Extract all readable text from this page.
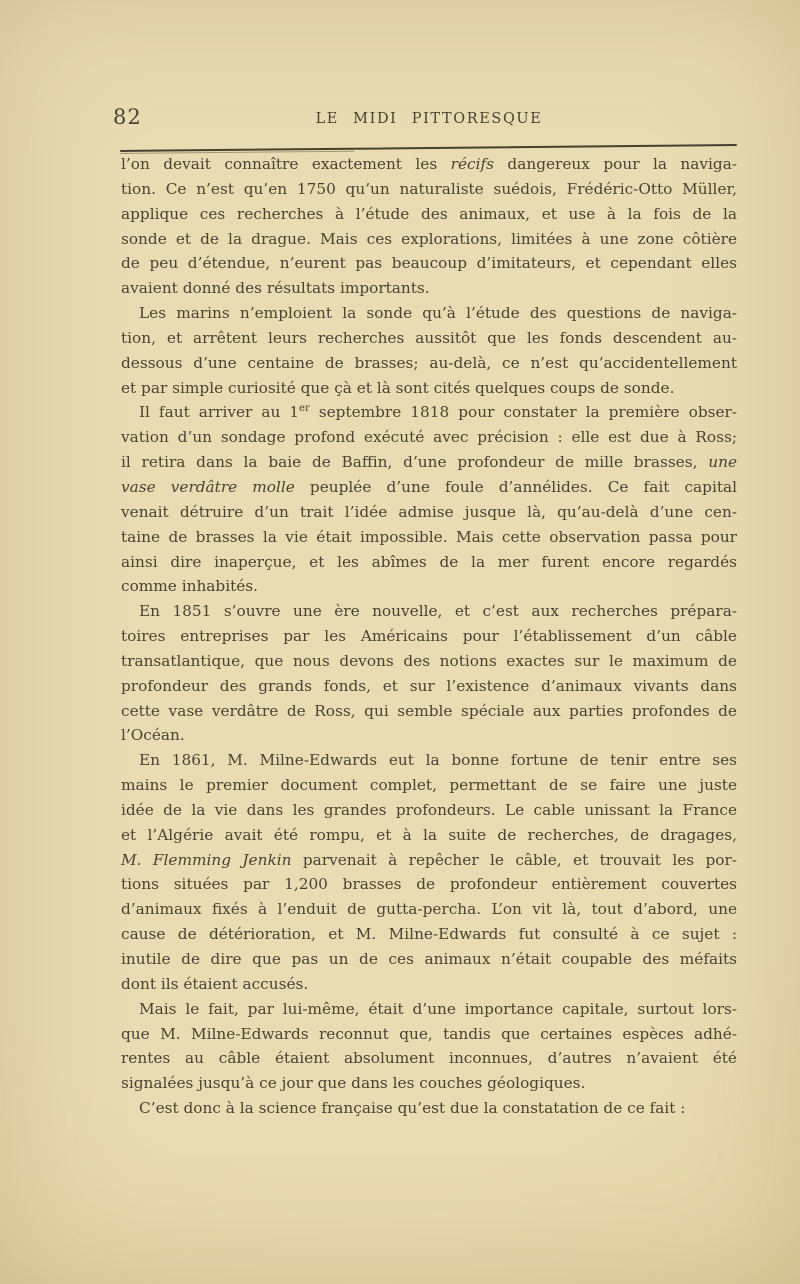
82	LE MIDI PITTORESQUE

l’on devait connaître exactement les récifs dangereux pour la naviga-
tion. Ce n’est qu’en 1750 qu’un naturaliste suédois, Frédéric-Otto Müller,
applique ces recherches à l’étude des animaux, et use à la fois de la
sonde et de la drague. Mais ces explorations, limitées à une zone côtière
de peu d’étendue, n’eurent pas beaucoup d’imitateurs, et cependant elles
avaient donné des résultats importants.

Les marins n’emploient la sonde qu’à l’étude des questions de naviga-
tion, et arrêtent leurs recherches aussitôt que les fonds descendent au-
dessous d’une centaine de brasses; au-delà, ce n’est qu’accidentellement
et par simple curiosité que çà et là sont cités quelques coups de sonde.

Il faut arriver au 1er septembre 1818 pour constater la première obser-
vation d’un sondage profond exécuté avec précision : elle est due à Ross;
il retira dans la baie de Baffin, d’une profondeur de mille brasses, une
vase verdâtre molle peuplée d’une foule d’annélides. Ce fait capital
venait détruire d’un trait l’idée admise jusque là, qu’au-delà d’une cen-
taine de brasses la vie était impossible. Mais cette observation passa pour
ainsi dire inaperçue, et les abîmes de la mer furent encore regardés
comme inhabités.

En 1851 s’ouvre une ère nouvelle, et c’est aux recherches prépara-
toires entreprises par les Américains pour l’établissement d’un câble
transatlantique, que nous devons des notions exactes sur le maximum de
profondeur des grands fonds, et sur l’existence d’animaux vivants dans
cette vase verdâtre de Ross, qui semble spéciale aux parties profondes de
l’Océan.

En 1861, M. Milne-Edwards eut la bonne fortune de tenir entre ses
mains le premier document complet, permettant de se faire une juste
idée de la vie dans les grandes profondeurs. Le cable unissant la France
et l’Algérie avait été rompu, et à la suite de recherches, de dragages,
M. Flemming Jenkin parvenait à repêcher le câble, et trouvait les por-
tions situées par 1,200 brasses de profondeur entièrement couvertes
d’animaux fixés à l’enduit de gutta-percha. L’on vit là, tout d’abord, une
cause de détérioration, et M. Milne-Edwards fut consulté à ce sujet :
inutile de dire que pas un de ces animaux n’était coupable des méfaits
dont ils étaient accusés.

Mais le fait, par lui-même, était d’une importance capitale, surtout lors-
que M. Milne-Edwards reconnut que, tandis que certaines espèces adhé-
rentes au câble étaient absolument inconnues, d’autres n’avaient été
signalées jusqu’à ce jour que dans les couches géologiques.

C’est donc à la science française qu’est due la constatation de ce fait :
